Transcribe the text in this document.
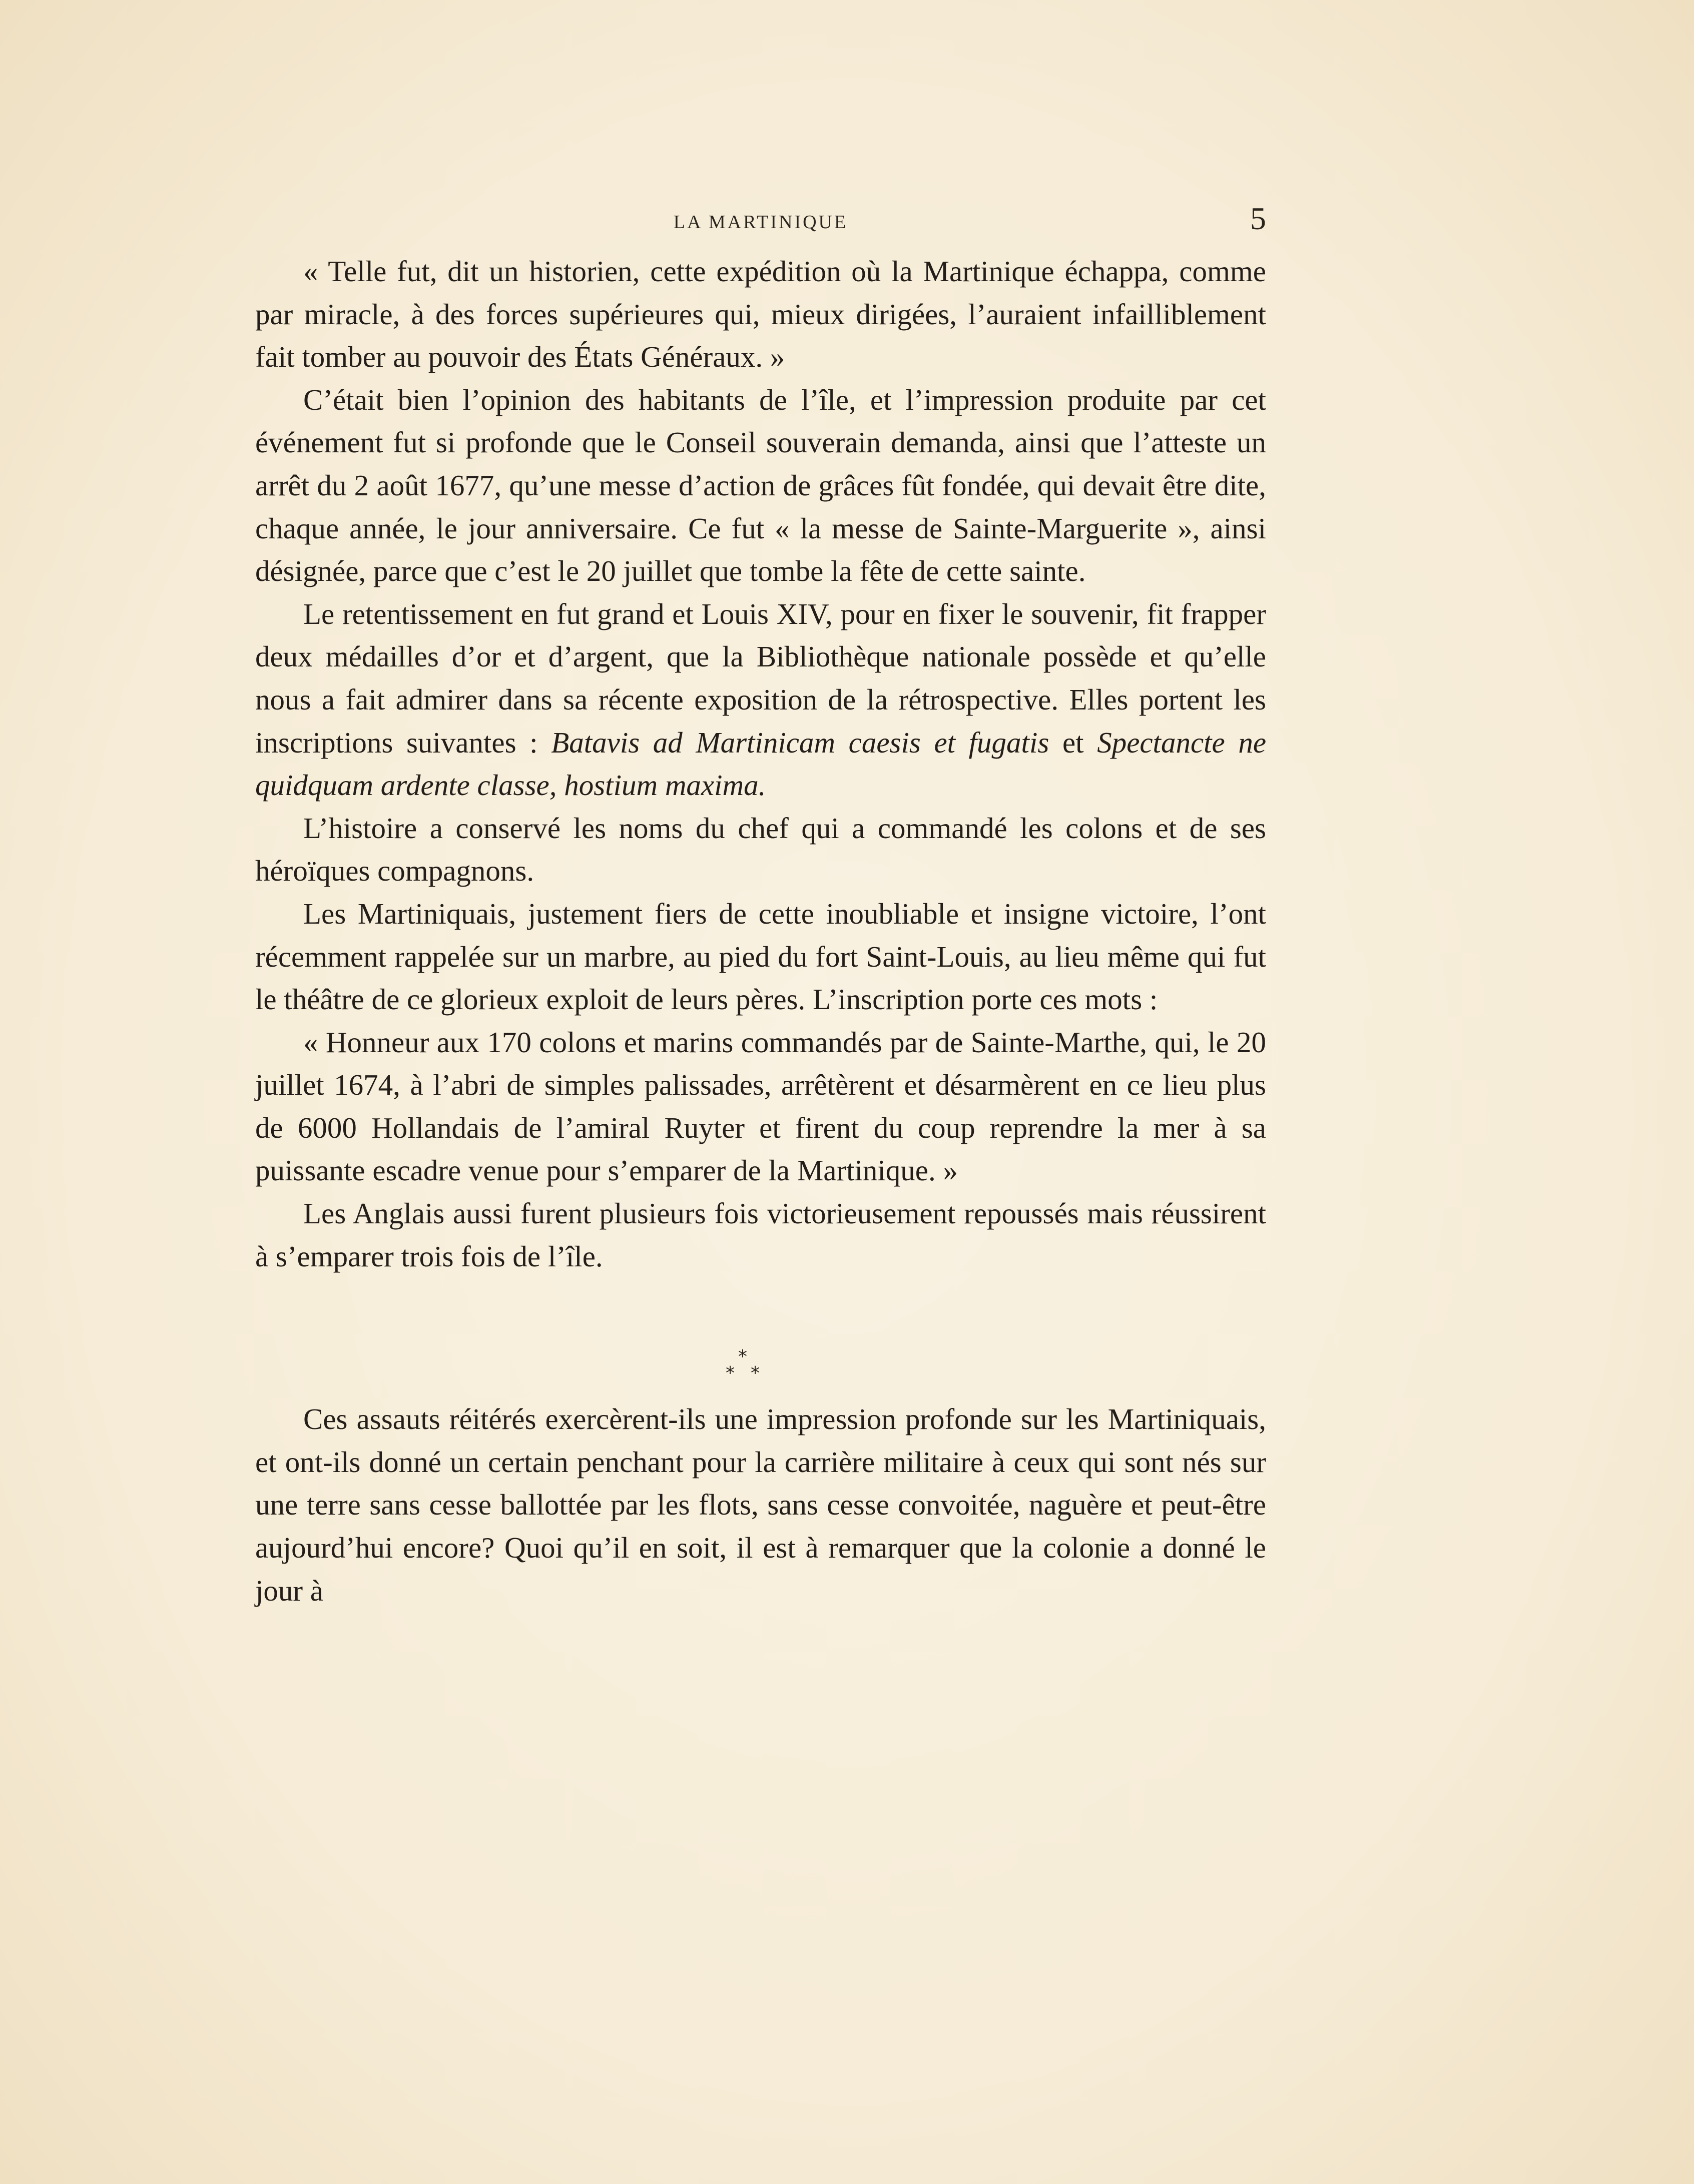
LA MARTINIQUE	5

« Telle fut, dit un historien, cette expédition où la Martinique échappa, comme par miracle, à des forces supérieures qui, mieux dirigées, l’auraient infailliblement fait tomber au pouvoir des États Généraux. »

C’était bien l’opinion des habitants de l’île, et l’impression produite par cet événement fut si profonde que le Conseil souverain demanda, ainsi que l’atteste un arrêt du 2 août 1677, qu’une messe d’action de grâces fût fondée, qui devait être dite, chaque année, le jour anniversaire. Ce fut « la messe de Sainte-Marguerite », ainsi désignée, parce que c’est le 20 juillet que tombe la fête de cette sainte.

Le retentissement en fut grand et Louis XIV, pour en fixer le souvenir, fit frapper deux médailles d’or et d’argent, que la Bibliothèque nationale possède et qu’elle nous a fait admirer dans sa récente exposition de la rétrospective. Elles portent les inscriptions suivantes : Batavis ad Martinicam caesis et fugatis et Spectancte ne quidquam ardente classe, hostium maxima.

L’histoire a conservé les noms du chef qui a commandé les colons et de ses héroïques compagnons.

Les Martiniquais, justement fiers de cette inoubliable et insigne victoire, l’ont récemment rappelée sur un marbre, au pied du fort Saint-Louis, au lieu même qui fut le théâtre de ce glorieux exploit de leurs pères. L’inscription porte ces mots :

« Honneur aux 170 colons et marins commandés par de Sainte-Marthe, qui, le 20 juillet 1674, à l’abri de simples palissades, arrêtèrent et désarmèrent en ce lieu plus de 6000 Hollandais de l’amiral Ruyter et firent du coup reprendre la mer à sa puissante escadre venue pour s’emparer de la Martinique. »

Les Anglais aussi furent plusieurs fois victorieusement repoussés mais réussirent à s’emparer trois fois de l’île.

*
* *

Ces assauts réitérés exercèrent-ils une impression profonde sur les Martiniquais, et ont-ils donné un certain penchant pour la carrière militaire à ceux qui sont nés sur une terre sans cesse ballottée par les flots, sans cesse convoitée, naguère et peut-être aujourd’hui encore? Quoi qu’il en soit, il est à remarquer que la colonie a donné le jour à
